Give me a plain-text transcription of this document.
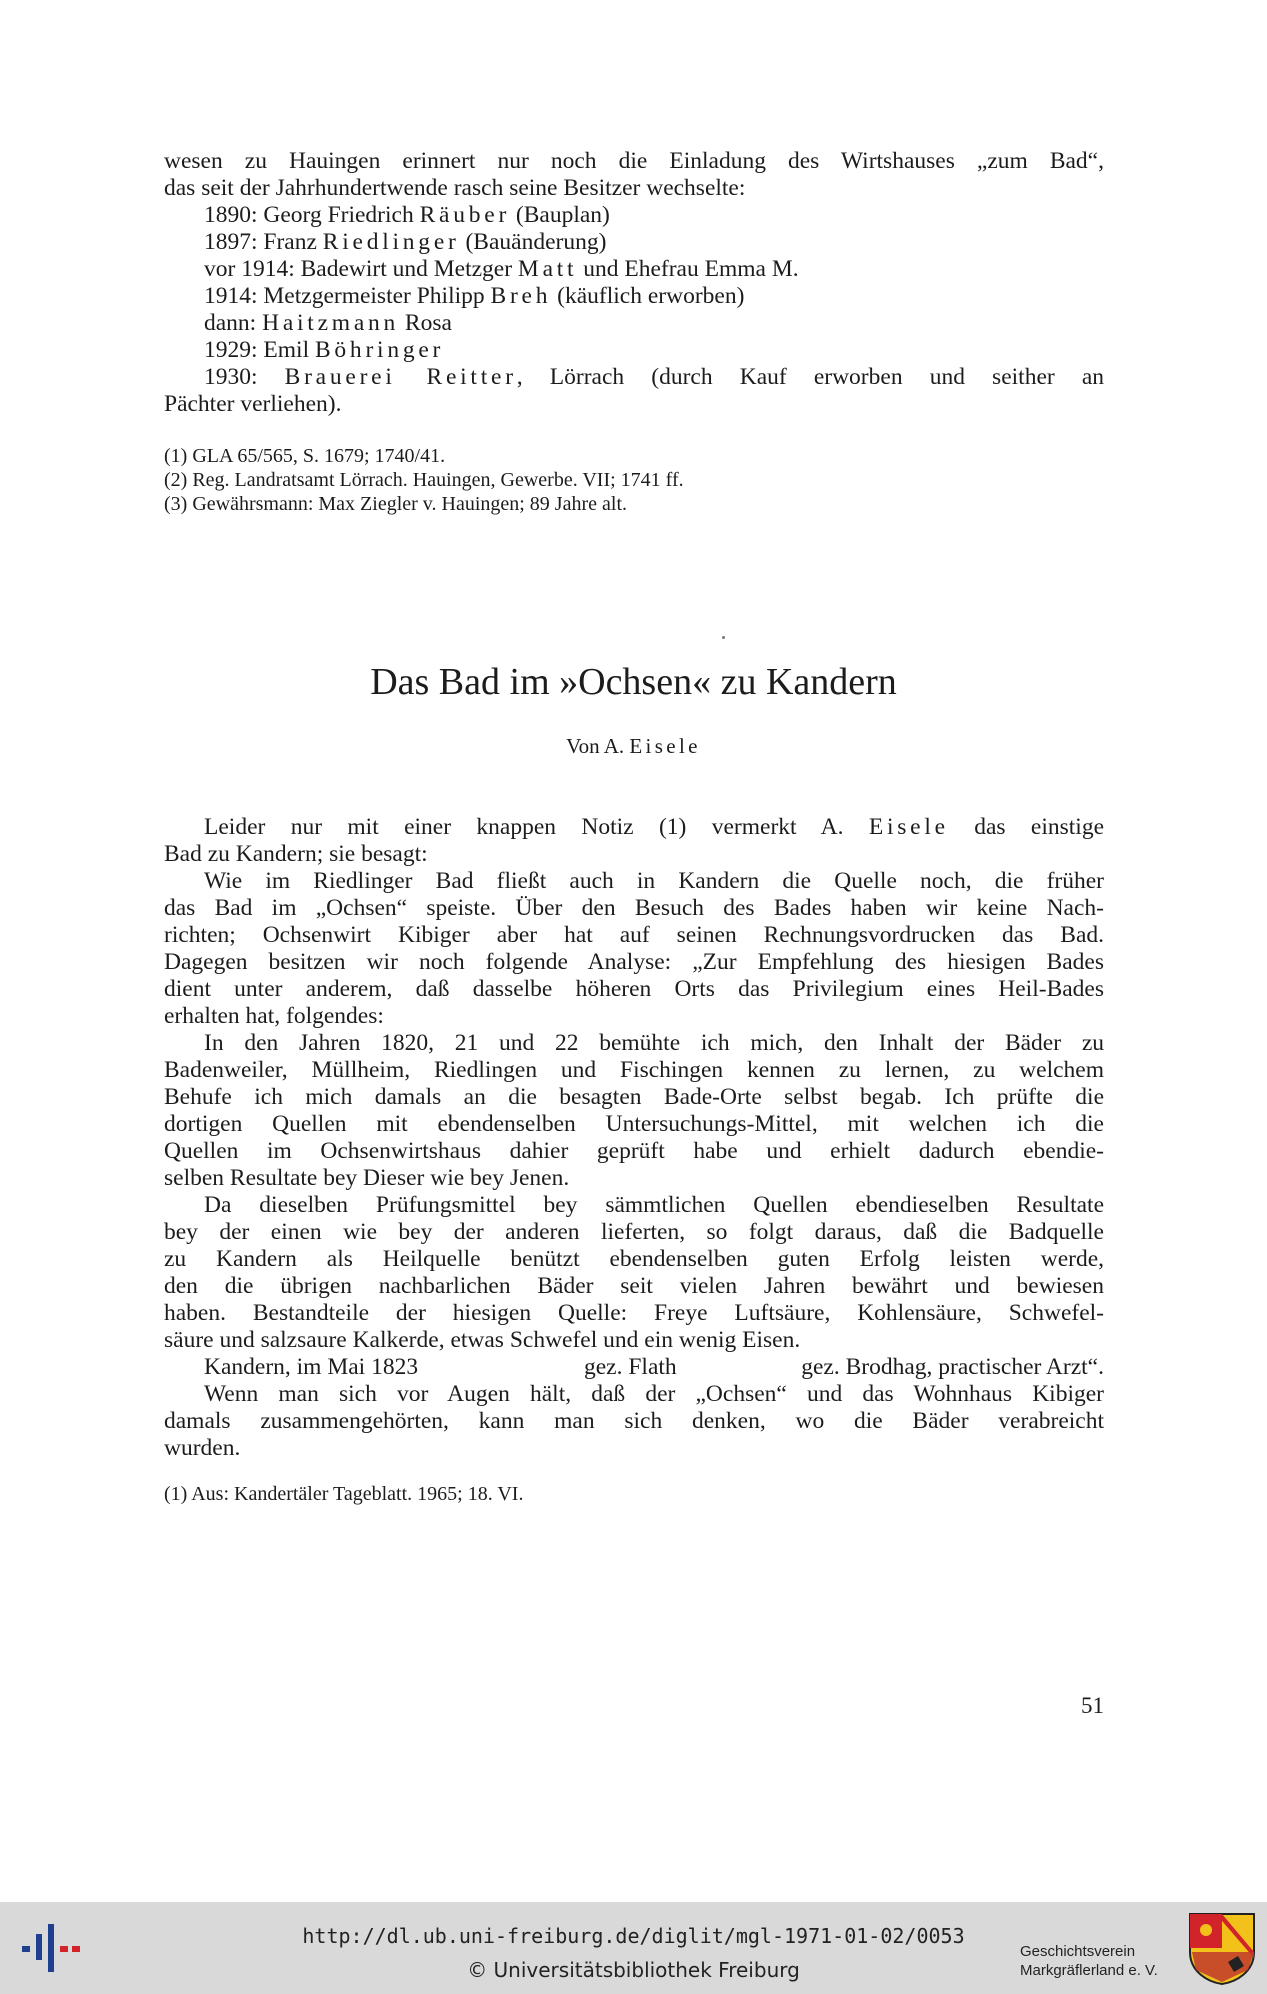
wesen zu Hauingen erinnert nur noch die Einladung des Wirtshauses „zum Bad“,
das seit der Jahrhundertwende rasch seine Besitzer wechselte:
1890: Georg Friedrich Räuber (Bauplan)
1897: Franz Riedlinger (Bauänderung)
vor 1914: Badewirt und Metzger Matt und Ehefrau Emma M.
1914: Metzgermeister Philipp Breh (käuflich erworben)
dann: Haitzmann Rosa
1929: Emil Böhringer
1930: Brauerei Reitter, Lörrach (durch Kauf erworben und seither an
Pächter verliehen).
(1) GLA 65/565, S. 1679; 1740/41.
(2) Reg. Landratsamt Lörrach. Hauingen, Gewerbe. VII; 1741 ff.
(3) Gewährsmann: Max Ziegler v. Hauingen; 89 Jahre alt.
Das Bad im »Ochsen« zu Kandern
Von A. Eisele
Leider nur mit einer knappen Notiz (1) vermerkt A. Eisele das einstige
Bad zu Kandern; sie besagt:
Wie im Riedlinger Bad fließt auch in Kandern die Quelle noch, die früher
das Bad im „Ochsen“ speiste. Über den Besuch des Bades haben wir keine Nach-
richten; Ochsenwirt Kibiger aber hat auf seinen Rechnungsvordrucken das Bad.
Dagegen besitzen wir noch folgende Analyse: „Zur Empfehlung des hiesigen Bades
dient unter anderem, daß dasselbe höheren Orts das Privilegium eines Heil-Bades
erhalten hat, folgendes:
In den Jahren 1820, 21 und 22 bemühte ich mich, den Inhalt der Bäder zu
Badenweiler, Müllheim, Riedlingen und Fischingen kennen zu lernen, zu welchem
Behufe ich mich damals an die besagten Bade-Orte selbst begab. Ich prüfte die
dortigen Quellen mit ebendenselben Untersuchungs-Mittel, mit welchen ich die
Quellen im Ochsenwirtshaus dahier geprüft habe und erhielt dadurch ebendie-
selben Resultate bey Dieser wie bey Jenen.
Da dieselben Prüfungsmittel bey sämmtlichen Quellen ebendieselben Resultate
bey der einen wie bey der anderen lieferten, so folgt daraus, daß die Badquelle
zu Kandern als Heilquelle benützt ebendenselben guten Erfolg leisten werde,
den die übrigen nachbarlichen Bäder seit vielen Jahren bewährt und bewiesen
haben. Bestandteile der hiesigen Quelle: Freye Luftsäure, Kohlensäure, Schwefel-
säure und salzsaure Kalkerde, etwas Schwefel und ein wenig Eisen.
Kandern, im Mai 1823	gez. Flath	gez. Brodhag, practischer Arzt“.
Wenn man sich vor Augen hält, daß der „Ochsen“ und das Wohnhaus Kibiger
damals zusammengehörten, kann man sich denken, wo die Bäder verabreicht
wurden.
(1) Aus: Kandertäler Tageblatt. 1965; 18. VI.
51
http://dl.ub.uni-freiburg.de/diglit/mgl-1971-01-02/0053
© Universitätsbibliothek Freiburg
Geschichtsverein
Markgräflerland e. V.
